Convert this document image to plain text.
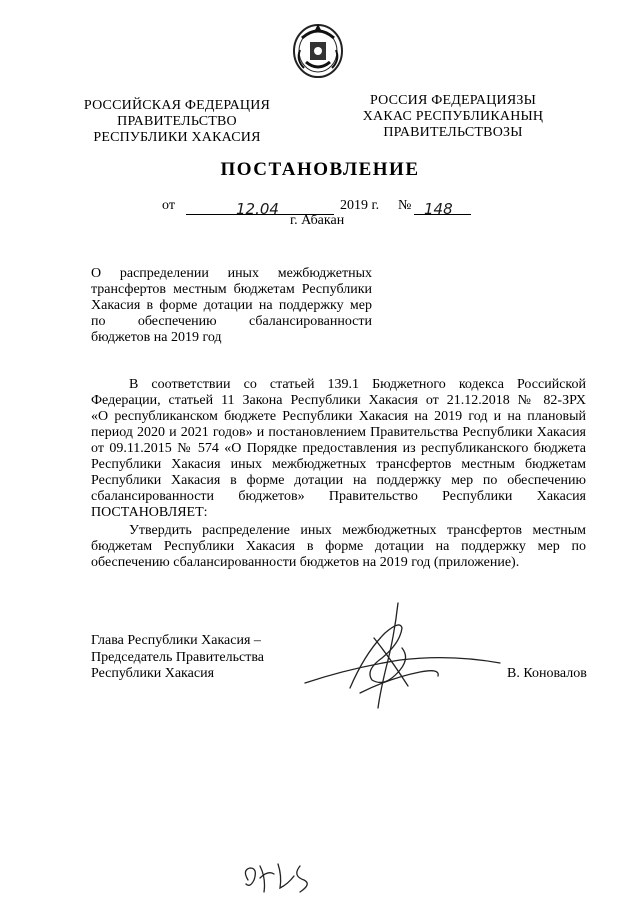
РОССИЙСКАЯ ФЕДЕРАЦИЯ
ПРАВИТЕЛЬСТВО
РЕСПУБЛИКИ ХАКАСИЯ
РОССИЯ ФЕДЕРАЦИЯЗЫ
ХАКАС РЕСПУБЛИКАНЫҢ
ПРАВИТЕЛЬСТВОЗЫ
ПОСТАНОВЛЕНИЕ
от	12.04	2019 г. № 148
г. Абакан

О распределении иных межбюджетных

трансфертов местным бюджетам Республики

Хакасия в форме дотации на поддержку мер

по обеспечению сбалансированности

бюджетов на 2019 год

В соответствии со статьей 139.1 Бюджетного кодекса Российской

Федерации, статьей 11 Закона Республики Хакасия от 21.12.2018 № 82-ЗРХ

«О республиканском бюджете Республики Хакасия на 2019 год и на плановый

период 2020 и 2021 годов» и постановлением Правительства Республики Хакасия

от 09.11.2015 № 574 «О Порядке предоставления из республиканского бюджета

Республики Хакасия иных межбюджетных трансфертов местным бюджетам

Республики Хакасия в форме дотации на поддержку мер по обеспечению

сбалансированности бюджетов» Правительство Республики Хакасия

ПОСТАНОВЛЯЕТ:

Утвердить распределение иных межбюджетных трансфертов местным

бюджетам Республики Хакасия в форме дотации на поддержку мер по

обеспечению сбалансированности бюджетов на 2019 год (приложение).

Глава Республики Хакасия –
Председатель Правительства
Республики Хакасия	В. Коновалов
